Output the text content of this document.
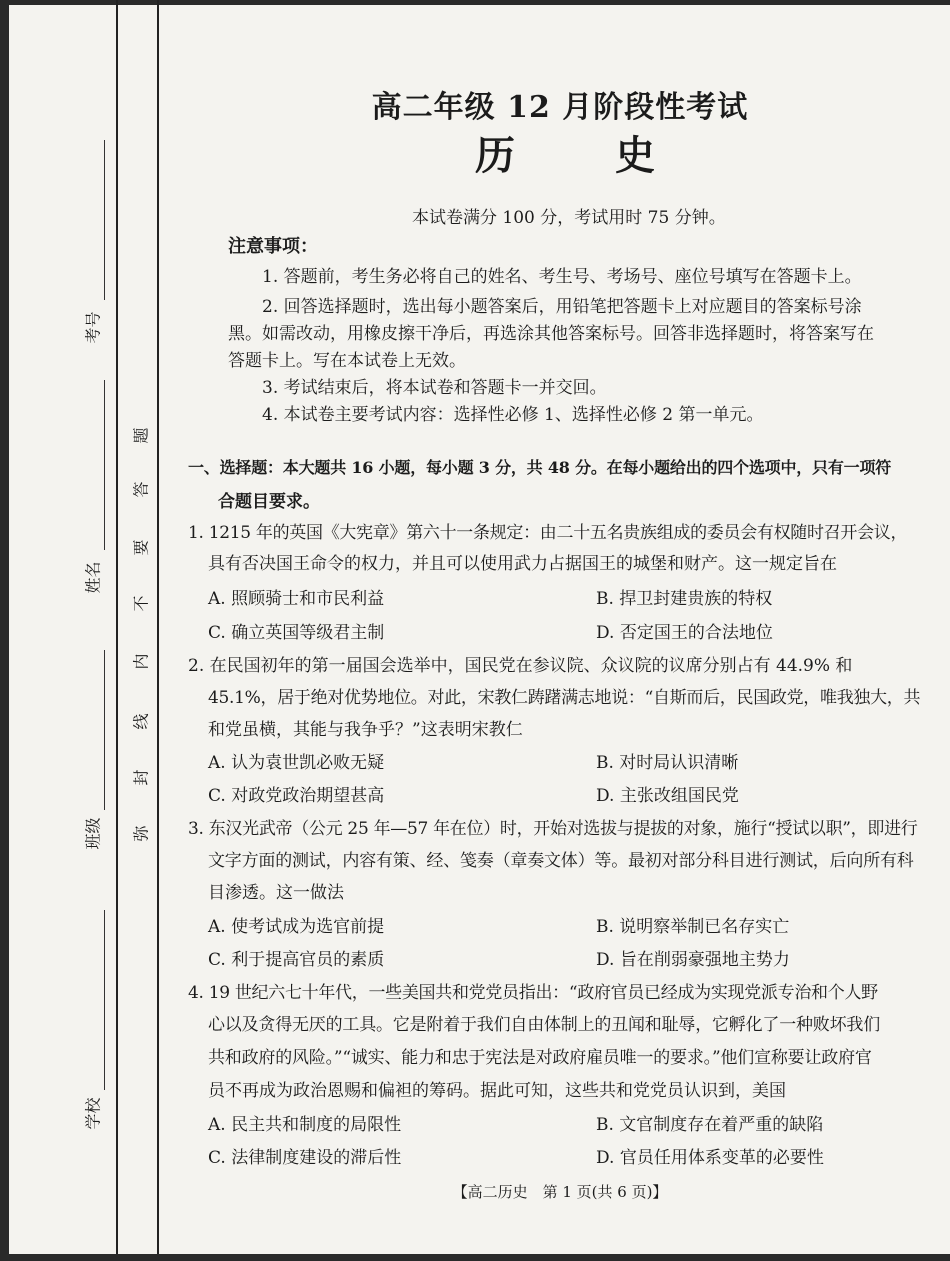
考号
姓名
班级
学校
题
答
要
不
内
线
封
弥
高二年级 12 月阶段性考试
历	史
本试卷满分 100 分，考试用时 75 分钟。
注意事项：
1. 答题前，考生务必将自己的姓名、考生号、考场号、座位号填写在答题卡上。
2. 回答选择题时，选出每小题答案后，用铅笔把答题卡上对应题目的答案标号涂
黑。如需改动，用橡皮擦干净后，再选涂其他答案标号。回答非选择题时，将答案写在
答题卡上。写在本试卷上无效。
3. 考试结束后，将本试卷和答题卡一并交回。
4. 本试卷主要考试内容：选择性必修 1、选择性必修 2 第一单元。
一、选择题：本大题共 16 小题，每小题 3 分，共 48 分。在每小题给出的四个选项中，只有一项符
合题目要求。
1. 1215 年的英国《大宪章》第六十一条规定：由二十五名贵族组成的委员会有权随时召开会议，
具有否决国王命令的权力，并且可以使用武力占据国王的城堡和财产。这一规定旨在
A. 照顾骑士和市民利益	B. 捍卫封建贵族的特权
C. 确立英国等级君主制	D. 否定国王的合法地位
2. 在民国初年的第一届国会选举中，国民党在参议院、众议院的议席分别占有 44.9% 和
45.1%，居于绝对优势地位。对此，宋教仁踌躇满志地说：“自斯而后，民国政党，唯我独大，共
和党虽横，其能与我争乎？”这表明宋教仁
A. 认为袁世凯必败无疑	B. 对时局认识清晰
C. 对政党政治期望甚高	D. 主张改组国民党
3. 东汉光武帝（公元 25 年—57 年在位）时，开始对选拔与提拔的对象，施行“授试以职”，即进行
文字方面的测试，内容有策、经、笺奏（章奏文体）等。最初对部分科目进行测试，后向所有科
目渗透。这一做法
A. 使考试成为选官前提	B. 说明察举制已名存实亡
C. 利于提高官员的素质	D. 旨在削弱豪强地主势力
4. 19 世纪六七十年代，一些美国共和党党员指出：“政府官员已经成为实现党派专治和个人野
心以及贪得无厌的工具。它是附着于我们自由体制上的丑闻和耻辱，它孵化了一种败坏我们
共和政府的风险。”“诚实、能力和忠于宪法是对政府雇员唯一的要求。”他们宣称要让政府官
员不再成为政治恩赐和偏袒的筹码。据此可知，这些共和党党员认识到，美国
A. 民主共和制度的局限性	B. 文官制度存在着严重的缺陷
C. 法律制度建设的滞后性	D. 官员任用体系变革的必要性
【高二历史　第 1 页(共 6 页)】
